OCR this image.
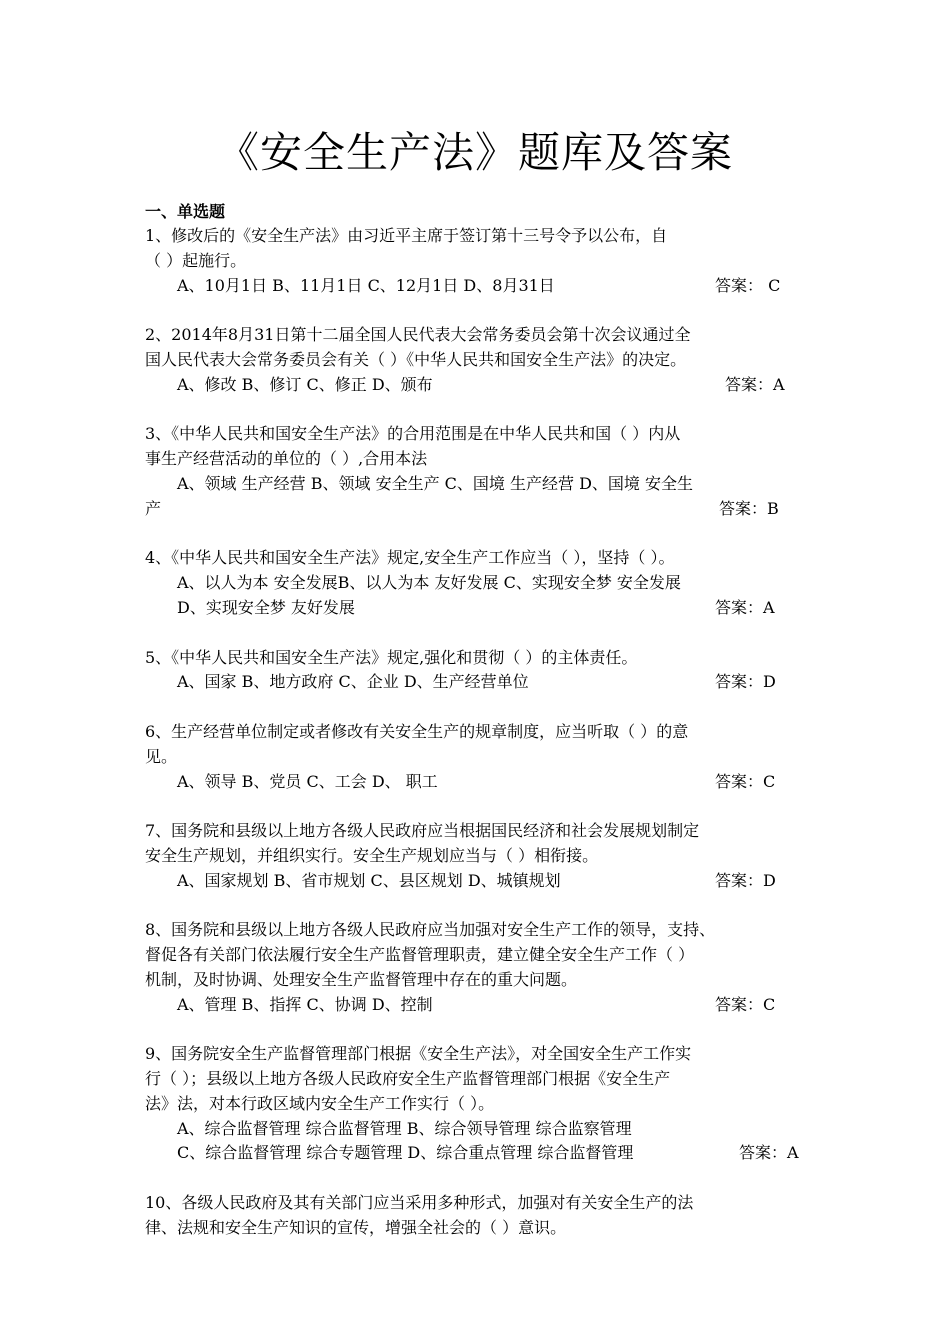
《安全生产法》题库及答案
一、单选题
1、修改后的《安全生产法》由习近平主席于签订第十三号令予以公布，自
（ ）起施行。
A、10月1日 B、11月1日 C、12月1日 D、8月31日	答案： C
2、2014年8月31日第十二届全国人民代表大会常务委员会第十次会议通过全
国人民代表大会常务委员会有关（ ）《中华人民共和国安全生产法》的决定。
A、修改 B、修订 C、修正 D、颁布	答案：A
3、《中华人民共和国安全生产法》的合用范围是在中华人民共和国（ ）内从
事生产经营活动的单位的（ ）,合用本法
A、领域 生产经营 B、领域 安全生产 C、国境 生产经营 D、国境 安全生
产	答案：B
4、《中华人民共和国安全生产法》规定,安全生产工作应当（ ），坚持（ ）。
A、以人为本 安全发展B、以人为本 友好发展 C、实现安全梦 安全发展
D、实现安全梦 友好发展	答案：A
5、《中华人民共和国安全生产法》规定,强化和贯彻（ ）的主体责任。
A、国家 B、地方政府 C、企业 D、生产经营单位	答案：D
6、生产经营单位制定或者修改有关安全生产的规章制度，应当听取（ ）的意
见。
A、领导 B、党员 C、工会 D、 职工	答案：C
7、国务院和县级以上地方各级人民政府应当根据国民经济和社会发展规划制定
安全生产规划，并组织实行。安全生产规划应当与（ ）相衔接。
A、国家规划 B、省市规划 C、县区规划 D、城镇规划	答案：D
8、国务院和县级以上地方各级人民政府应当加强对安全生产工作的领导，支持、
督促各有关部门依法履行安全生产监督管理职责，建立健全安全生产工作（ ）
机制，及时协调、处理安全生产监督管理中存在的重大问题。
A、管理 B、指挥 C、协调 D、控制	答案：C
9、国务院安全生产监督管理部门根据《安全生产法》，对全国安全生产工作实
行（ ）；县级以上地方各级人民政府安全生产监督管理部门根据《安全生产
法》法，对本行政区域内安全生产工作实行（ ）。
A、综合监督管理 综合监督管理 B、综合领导管理 综合监察管理
C、综合监督管理 综合专题管理 D、综合重点管理 综合监督管理	答案：A
10、各级人民政府及其有关部门应当采用多种形式，加强对有关安全生产的法
律、法规和安全生产知识的宣传，增强全社会的（ ）意识。
